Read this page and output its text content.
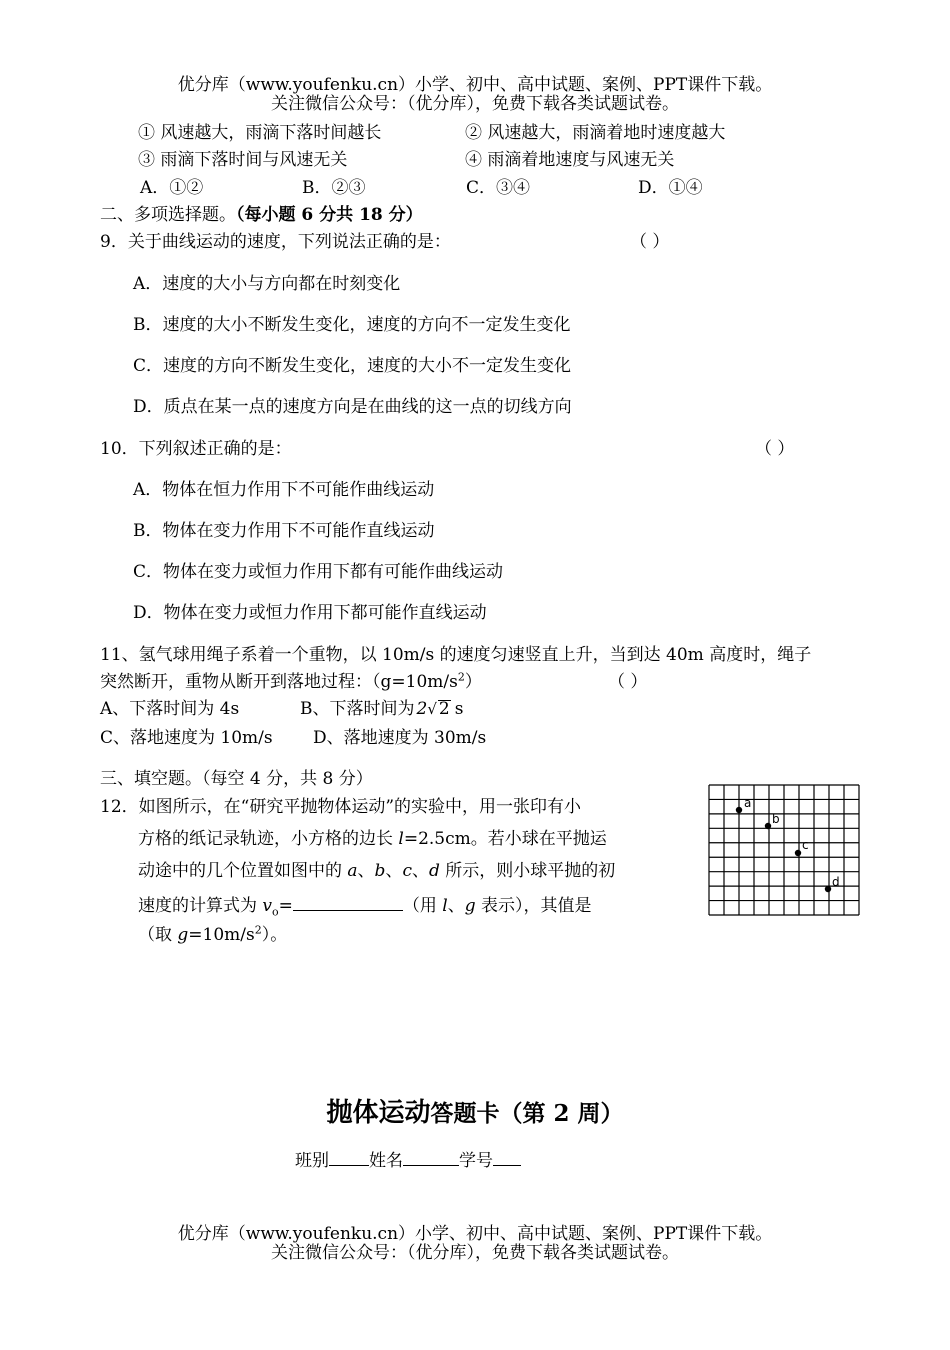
优分库（www.youfenku.cn）小学、初中、高中试题、案例、PPT课件下载。
关注微信公众号：（优分库），免费下载各类试题试卷。
① 风速越大，雨滴下落时间越长	② 风速越大，雨滴着地时速度越大
③ 雨滴下落时间与风速无关	④ 雨滴着地速度与风速无关
A．①②	B．②③	C．③④	D．①④
二、多项选择题。（每小题 6 分共 18 分）
9．关于曲线运动的速度，下列说法正确的是：	（ ）
A．速度的大小与方向都在时刻变化
B．速度的大小不断发生变化，速度的方向不一定发生变化
C．速度的方向不断发生变化，速度的大小不一定发生变化
D．质点在某一点的速度方向是在曲线的这一点的切线方向
10．下列叙述正确的是：	（ ）
A．物体在恒力作用下不可能作曲线运动
B．物体在变力作用下不可能作直线运动
C．物体在变力或恒力作用下都有可能作曲线运动
D．物体在变力或恒力作用下都可能作直线运动
11、氢气球用绳子系着一个重物，以 10m/s 的速度匀速竖直上升，当到达 40m 高度时，绳子
突然断开，重物从断开到落地过程：$(g=10m/s^2)$	（ ）
A、下落时间为 4s	B、下落时间为 2√ 2 s
C、落地速度为 10m/s D、落地速度为 30m/s
三、填空题。（每空 4 分，共 8 分）
12．如图所示，在“研究平抛物体运动”的实验中，用一张印有小
方格的纸记录轨迹，小方格的边长 l=2.5cm。若小球在平抛运
动途中的几个位置如图中的 a、b、c、d 所示，则小球平抛的初
速度的计算式为 $v_o=$	（用 l、g 表示），其值是
（取 $g=10m/s^2$）。
a
b
c
d
抛体运动答题卡（第 2 周）
班别 姓名	学号
优分库（www.youfenku.cn）小学、初中、高中试题、案例、PPT课件下载。
关注微信公众号：（优分库），免费下载各类试题试卷。
